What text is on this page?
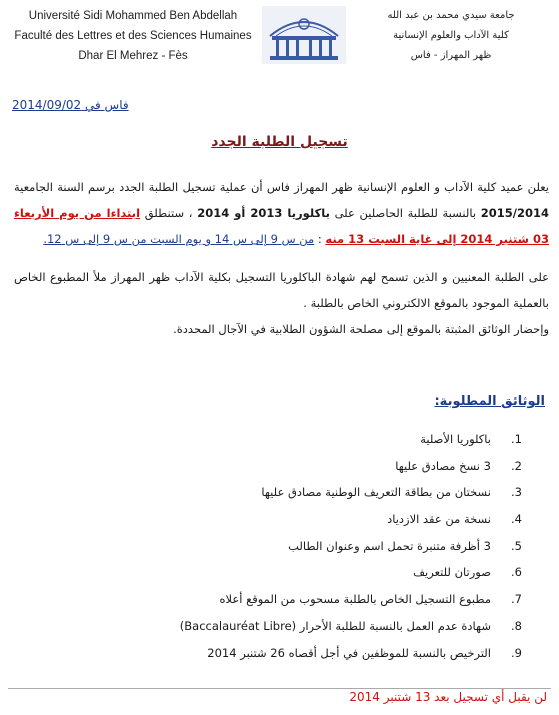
Université Sidi Mohammed Ben Abdellah
Faculté des Lettres et des Sciences Humaines
Dhar El Mehrez - Fès
جامعة سيدي محمد بن عبد الله
كلية الآداب والعلوم الإنسانية
ظهر المهراز - فاس
فاس في 2014/09/02
تسجيل الطلبة الجدد
يعلن عميد كلية الآداب و العلوم الإنسانية ظهر المهراز فاس أن عملية تسجيل الطلبة الجدد برسم السنة الجامعية 2015/2014 بالنسبة للطلبة الحاصلين على باكلوريا 2013 أو 2014 ، ستنطلق ابتداءا من يوم الأربعاء 03 شتنبر 2014 إلى غاية السبت 13 منه : من س 9 إلى س 14 و يوم السبت من س 9 إلى س 12.
على الطلبة المعنيين و الذين تسمح لهم شهادة الباكلوريا التسجيل بكلية الآداب ظهر المهراز ملأ المطبوع الخاص بالعملية الموجود بالموقع الالكتروني الخاص بالطلبة .
وإحضار الوثائق المثبتة بالموقع إلى مصلحة الشؤون الطلابية في الآجال المحددة.
الوثائق المطلوبة:
1.باكلوريا الأصلية
2.3 نسخ مصادق عليها
3.نسختان من بطاقة التعريف الوطنية مصادق عليها
4.نسخة من عقد الازدياد
5.3 أظرفة متنبرة تحمل اسم وعنوان الطالب
6.صورتان للتعريف
7.مطبوع التسجيل الخاص بالطلبة مسحوب من الموقع أعلاه
8.شهادة عدم العمل بالنسبة للطلبة الأحرار (Baccalauréat Libre)
9.الترخيص بالنسبة للموظفين في أجل أقصاه 26 شتنبر 2014
لن يقبل أي تسجيل بعد 13 شتنبر 2014
